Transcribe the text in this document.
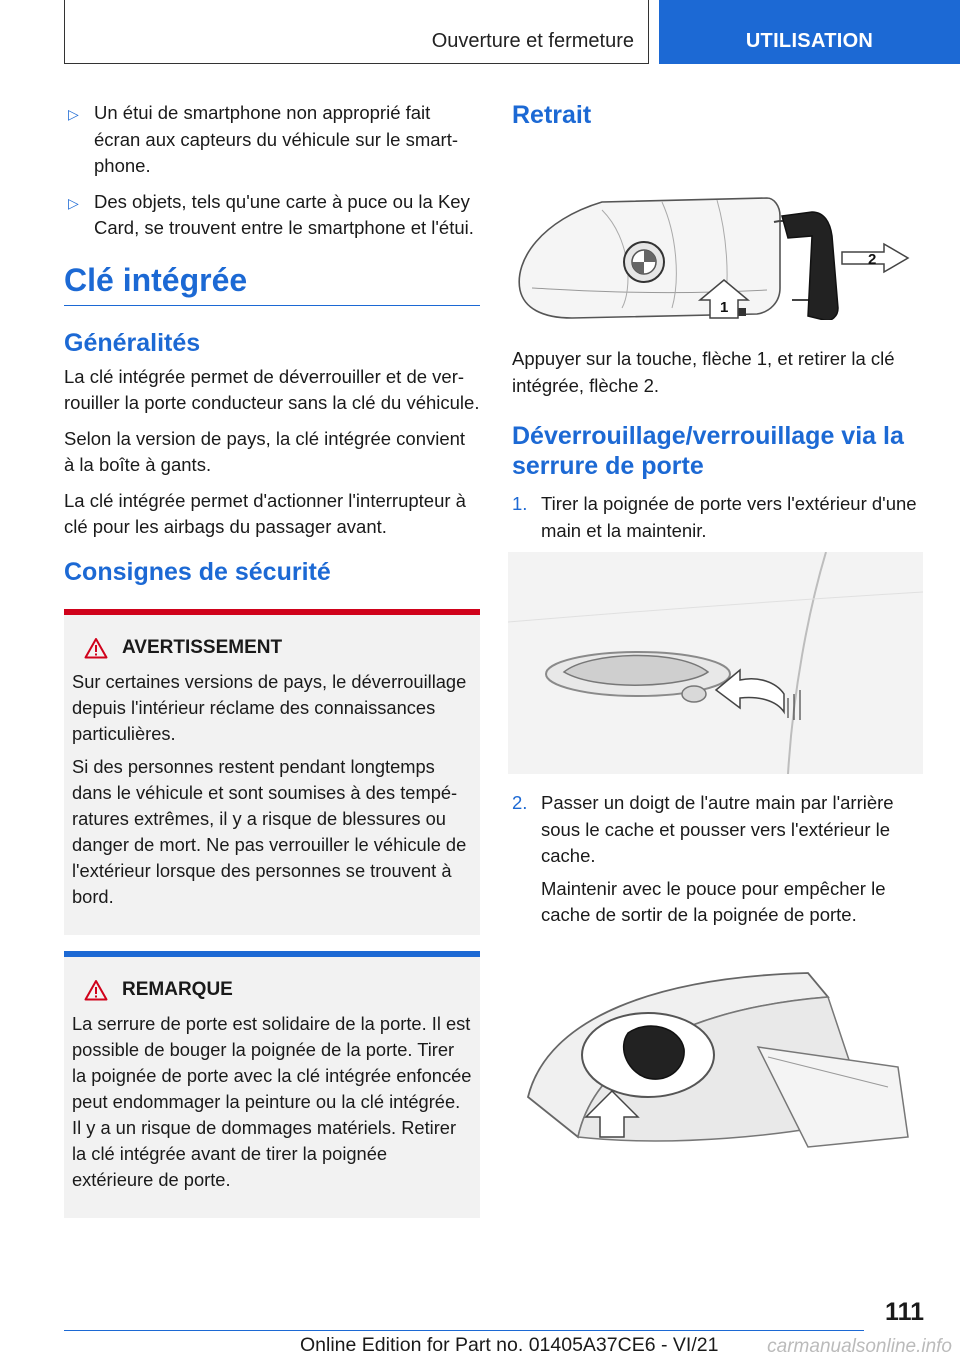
Ouverture et fermeture	UTILISATION
▷ Un étui de smartphone non approprié fait écran aux capteurs du véhicule sur le smartphone.
▷ Des objets, tels qu'une carte à puce ou la Key Card, se trouvent entre le smartphone et l'étui.
Clé intégrée
Généralités

La clé intégrée permet de déverrouiller et de verrouiller la porte conducteur sans la clé du véhicule.

Selon la version de pays, la clé intégrée convient à la boîte à gants.

La clé intégrée permet d'actionner l'interrupteur à clé pour les airbags du passager avant.

Consignes de sécurité
AVERTISSEMENT

Sur certaines versions de pays, le déverrouillage depuis l'intérieur réclame des connaissances particulières.

Si des personnes restent pendant longtemps dans le véhicule et sont soumises à des températures extrêmes, il y a risque de blessures ou danger de mort. Ne pas verrouiller le véhicule de l'extérieur lorsque des personnes se trouvent à bord.

REMARQUE

La serrure de porte est solidaire de la porte. Il est possible de bouger la poignée de la porte. Tirer la poignée de porte avec la clé intégrée enfoncée peut endommager la peinture ou la clé intégrée. Il y a un risque de dommages matériels. Retirer la clé intégrée avant de tirer la poignée extérieure de porte.

Retrait
2
1

Appuyer sur la touche, flèche 1, et retirer la clé intégrée, flèche 2.

Déverrouillage/verrouillage via la serrure de porte
1. Tirer la poignée de porte vers l'extérieur d'une main et la maintenir.
2. Passer un doigt de l'autre main par l'arrière sous le cache et pousser vers l'extérieur le cache.

Maintenir avec le pouce pour empêcher le cache de sortir de la poignée de porte.

111
Online Edition for Part no. 01405A37CE6 - VI/21	carmanualsonline.info
